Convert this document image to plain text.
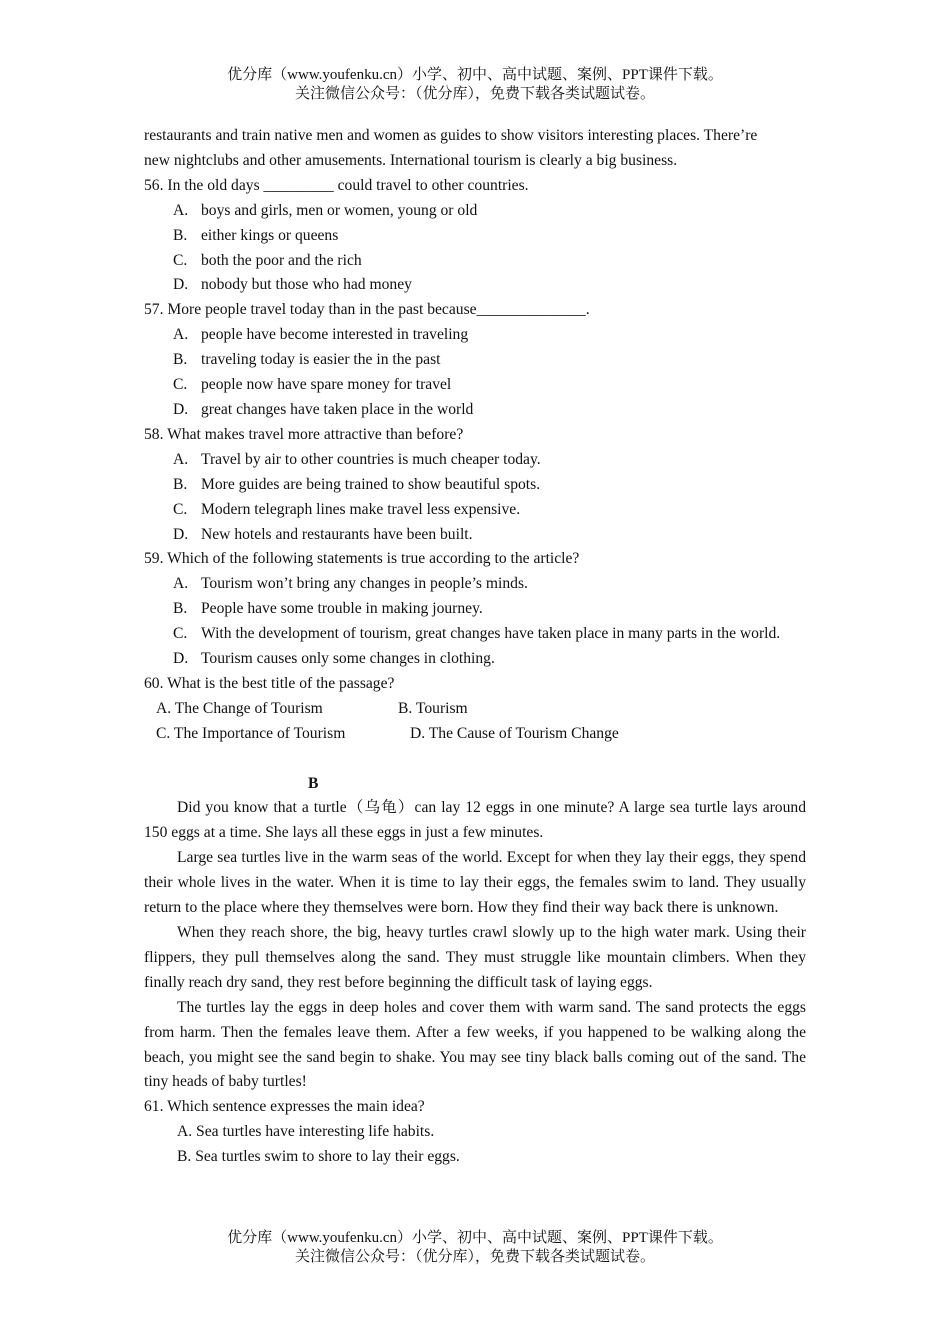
优分库（www.youfenku.cn）小学、初中、高中试题、案例、PPT课件下载。
关注微信公众号：（优分库），免费下载各类试题试卷。
restaurants and train native men and women as guides to show visitors interesting places. There’re
new nightclubs and other amusements. International tourism is clearly a big business.
56. In the old days _________ could travel to other countries.
A. boys and girls, men or women, young or old
B. either kings or queens
C. both the poor and the rich
D. nobody but those who had money
57. More people travel today than in the past because______________.
A. people have become interested in traveling
B. traveling today is easier the in the past
C. people now have spare money for travel
D. great changes have taken place in the world
58. What makes travel more attractive than before?
A. Travel by air to other countries is much cheaper today.
B. More guides are being trained to show beautiful spots.
C. Modern telegraph lines make travel less expensive.
D. New hotels and restaurants have been built.
59. Which of the following statements is true according to the article?
A. Tourism won’t bring any changes in people’s minds.
B. People have some trouble in making journey.
C. With the development of tourism, great changes have taken place in many parts in the world.
D. Tourism causes only some changes in clothing.
60. What is the best title of the passage?
A. The Change of Tourism	B. Tourism
C. The Importance of Tourism	D. The Cause of Tourism Change
B
Did you know that a turtle（乌龟）can lay 12 eggs in one minute? A large sea turtle lays around 150 eggs at a time. She lays all these eggs in just a few minutes.
Large sea turtles live in the warm seas of the world. Except for when they lay their eggs, they spend their whole lives in the water. When it is time to lay their eggs, the females swim to land. They usually return to the place where they themselves were born. How they find their way back there is unknown.
When they reach shore, the big, heavy turtles crawl slowly up to the high water mark. Using their flippers, they pull themselves along the sand. They must struggle like mountain climbers. When they finally reach dry sand, they rest before beginning the difficult task of laying eggs.
The turtles lay the eggs in deep holes and cover them with warm sand. The sand protects the eggs from harm. Then the females leave them. After a few weeks, if you happened to be walking along the beach, you might see the sand begin to shake. You may see tiny black balls coming out of the sand. The tiny heads of baby turtles!
61. Which sentence expresses the main idea?
A. Sea turtles have interesting life habits.
B. Sea turtles swim to shore to lay their eggs.
优分库（www.youfenku.cn）小学、初中、高中试题、案例、PPT课件下载。
关注微信公众号：（优分库），免费下载各类试题试卷。
